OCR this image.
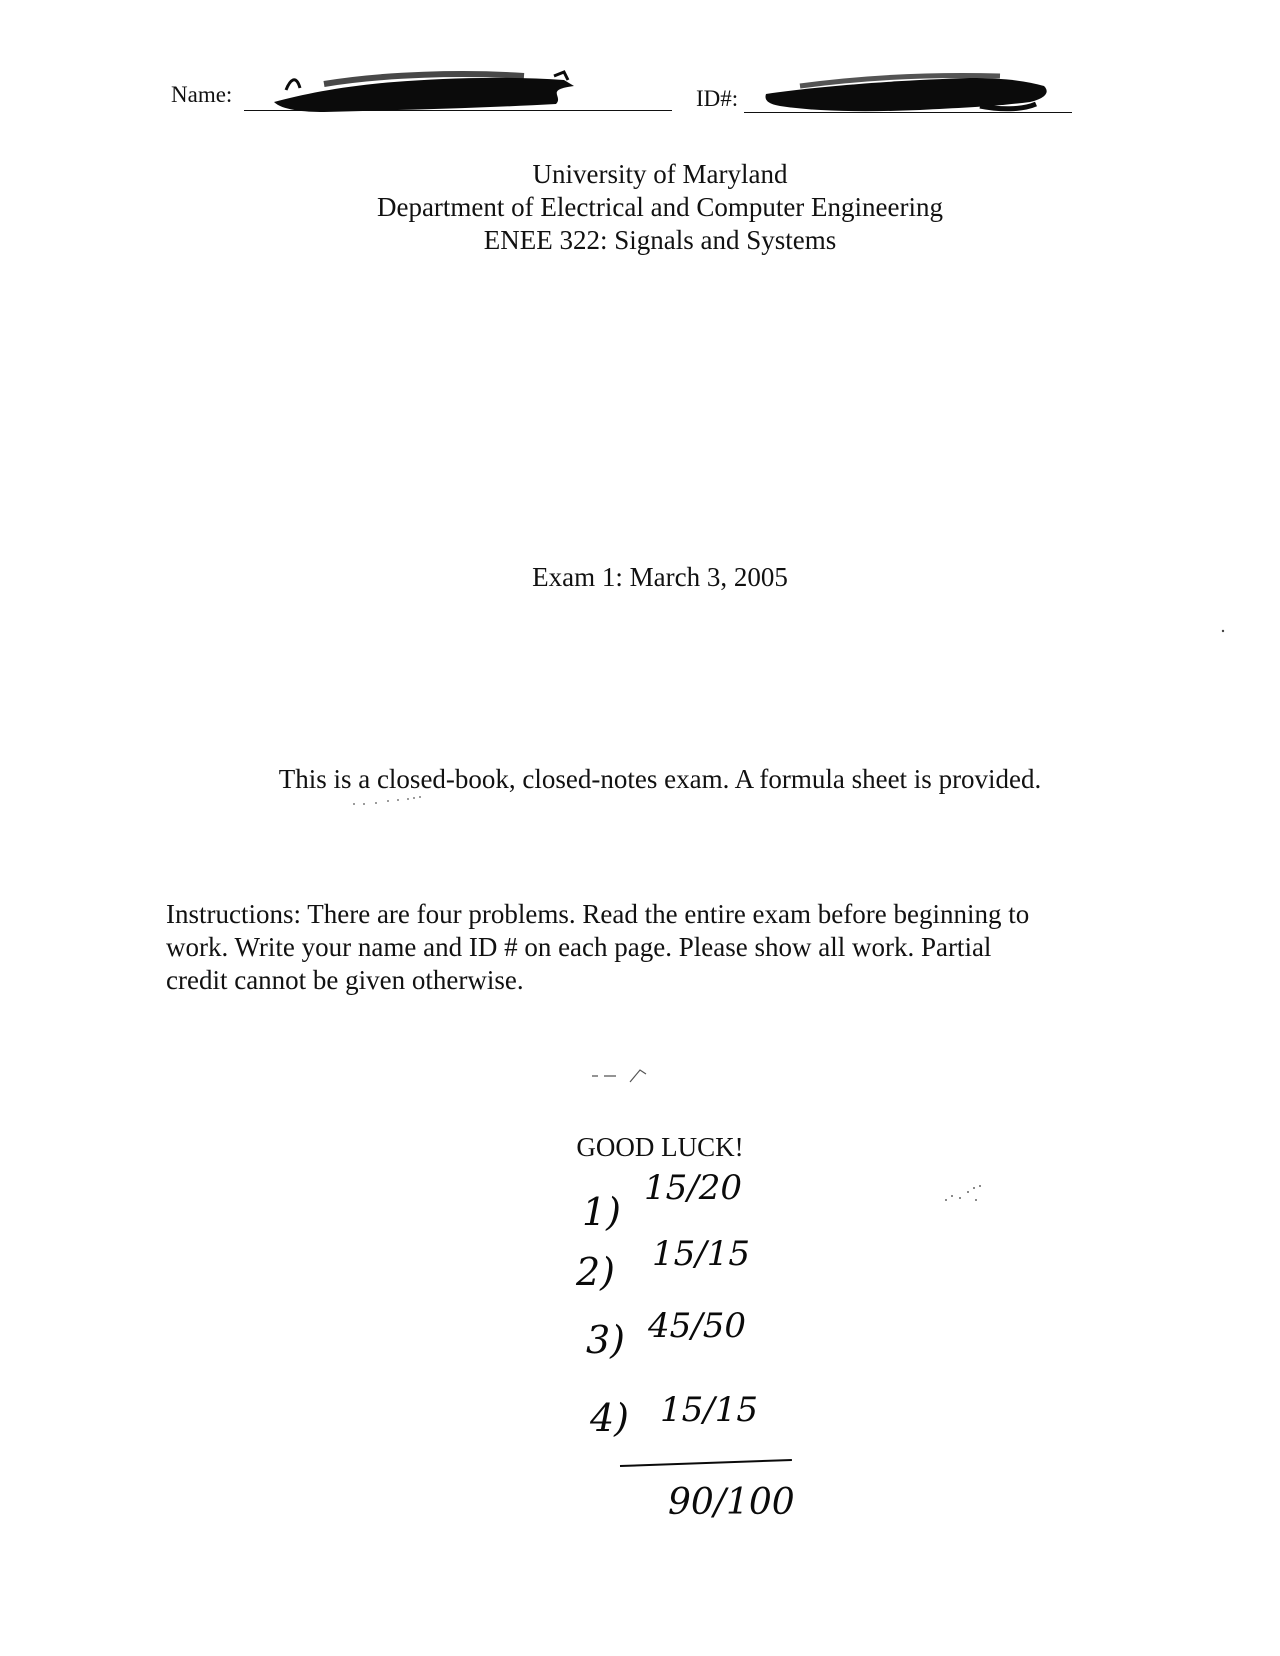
Name:	ID#:
University of Maryland
Department of Electrical and Computer Engineering
ENEE 322: Signals and Systems
Exam 1: March 3, 2005
This is a closed-book, closed-notes exam. A formula sheet is provided.
Instructions: There are four problems. Read the entire exam before beginning to
work. Write your name and ID # on each page. Please show all work. Partial
credit cannot be given otherwise.
GOOD LUCK!
1)
15/20
2) 15/15
3) 45/50
4) 15/15
90/100
